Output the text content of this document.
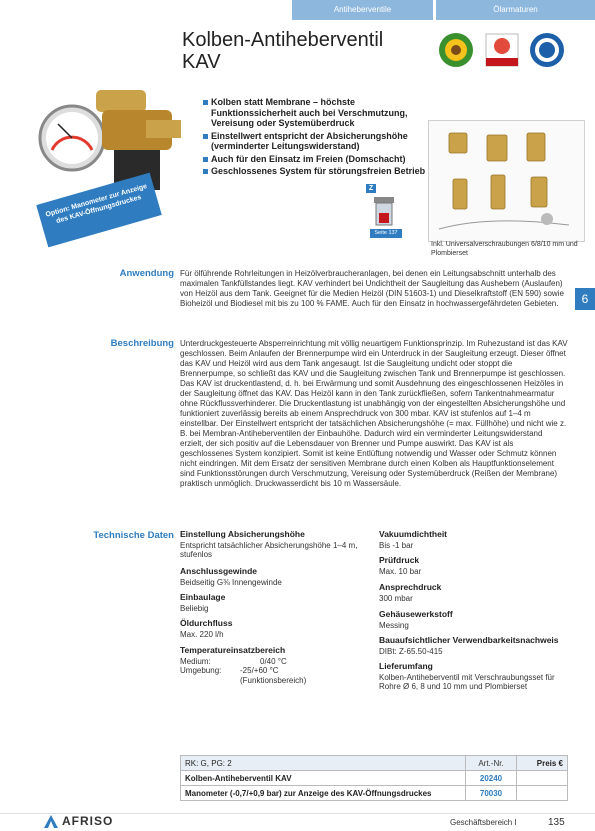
Antiheberventile	Ölarmaturen
Kolben-Antiheberventil
KAV
Option: Manometer zur Anzeige des KAV-Öffnungsdruckes
Kolben statt Membrane – höchste Funktionssicherheit auch bei Verschmutzung, Vereisung oder Systemüberdruck
Einstellwert entspricht der Absicherungshöhe (verminderter Leitungswiderstand)
Auch für den Einsatz im Freien (Domschacht)
Geschlossenes System für störungsfreien Betrieb
Z
Seite 137
Inkl. Universalverschraubungen 6/8/10 mm und Plombierset
6
Anwendung Für ölführende Rohrleitungen in Heizölverbraucheranlagen, bei denen ein Leitungsabschnitt unterhalb des maximalen Tankfüllstandes liegt. KAV verhindert bei Undichtheit der Saugleitung das Aushebern (Auslaufen) von Heizöl aus dem Tank. Geeignet für die Medien Heizöl (DIN 51603-1) und Dieselkraftstoff (EN 590) sowie Bioheizöl und Biodiesel mit bis zu 100 % FAME. Auch für den Einsatz in hochwassergefährdeten Gebieten.

Beschreibung Unterdruckgesteuerte Absperreinrichtung mit völlig neuartigem Funktionsprinzip. Im Ruhezustand ist das KAV geschlossen. Beim Anlaufen der Brennerpumpe wird ein Unterdruck in der Saugleitung erzeugt. Dieser öffnet das KAV und Heizöl wird aus dem Tank angesaugt. Ist die Saugleitung undicht oder stoppt die Brennerpumpe, so schließt das KAV und die Saugleitung zwischen Tank und Brennerpumpe ist geschlossen. Das KAV ist druckentlastend, d. h. bei Erwärmung und somit Ausdehnung des eingeschlossenen Heizöles in der Saugleitung öffnet das KAV. Das Heizöl kann in den Tank zurückfließen, sofern Tankentnahmearmatur ohne Rückflussverhinderer. Die Druckentlastung ist unabhängig von der eingestellten Absicherungshöhe und funktioniert zuverlässig bereits ab einem Ansprechdruck von 300 mbar. KAV ist stufenlos auf 1–4 m einstellbar. Der Einstellwert entspricht der tatsächlichen Absicherungshöhe (= max. Füllhöhe) und nicht wie z. B. bei Membran-Antiheberventilen der Einbauhöhe. Dadurch wird ein verminderter Leitungswiderstand erzielt, der sich positiv auf die Lebensdauer von Brenner und Pumpe auswirkt. Das KAV ist als geschlossenes System konzipiert. Somit ist keine Entlüftung notwendig und Wasser oder Schmutz können nicht eindringen. Mit dem Ersatz der sensitiven Membrane durch einen Kolben als Hauptfunktionselement sind Funktionsstörungen durch Verschmutzung, Vereisung oder Systemüberdruck (Reißen der Membrane) praktisch unmöglich. Druckwasserdicht bis 10 m Wassersäule.

Technische Daten Einstellung Absicherungshöhe
Entspricht tatsächlicher Absicherungshöhe 1–4 m, stufenlos
Anschlussgewinde
Beidseitig G⅜ Innengewinde
Einbaulage
Beliebig
Öldurchfluss
Max. 220 l/h
Temperatureinsatzbereich
Medium:	0/40 °C
Umgebung:	-25/+60 °C
(Funktionsbereich)
Vakuumdichtheit
Bis -1 bar
Prüfdruck
Max. 10 bar
Ansprechdruck
300 mbar
Gehäusewerkstoff
Messing
Bauaufsichtlicher Verwendbarkeitsnachweis
DIBt: Z-65.50-415
Lieferumfang
Kolben-Antiheberventil mit Verschraubungsset für Rohre Ø 6, 8 und 10 mm und Plombierset
RK: G, PG: 2	Art.-Nr.	Preis €
Kolben-Antiheberventil KAV	20240	
Manometer (-0,7/+0,9 bar) zur Anzeige des KAV-Öffnungsdruckes	70030	
AFRISO	Geschäftsbereich I	135
